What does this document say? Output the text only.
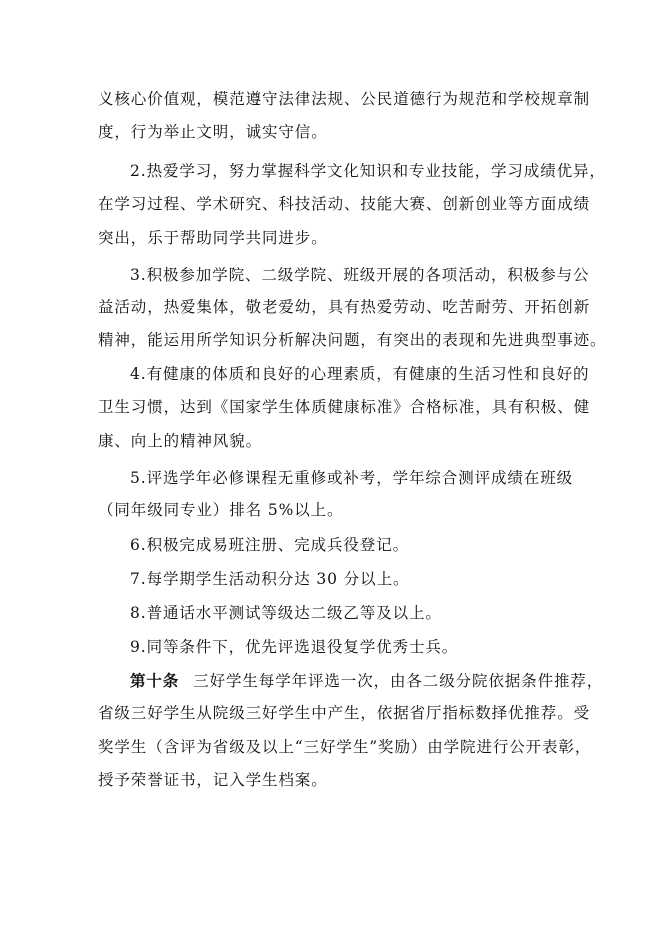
义核心价值观，模范遵守法律法规、公民道德行为规范和学校规章制
度，行为举止文明，诚实守信。
2.热爱学习，努力掌握科学文化知识和专业技能，学习成绩优异，
在学习过程、学术研究、科技活动、技能大赛、创新创业等方面成绩
突出，乐于帮助同学共同进步。
3.积极参加学院、二级学院、班级开展的各项活动，积极参与公
益活动，热爱集体，敬老爱幼，具有热爱劳动、吃苦耐劳、开拓创新
精神，能运用所学知识分析解决问题，有突出的表现和先进典型事迹。
4.有健康的体质和良好的心理素质，有健康的生活习性和良好的
卫生习惯，达到《国家学生体质健康标准》合格标准，具有积极、健
康、向上的精神风貌。
5.评选学年必修课程无重修或补考，学年综合测评成绩在班级
（同年级同专业）排名 5%以上。
6.积极完成易班注册、完成兵役登记。
7.每学期学生活动积分达 30 分以上。
8.普通话水平测试等级达二级乙等及以上。
9.同等条件下，优先评选退役复学优秀士兵。
第十条 三好学生每学年评选一次，由各二级分院依据条件推荐，
省级三好学生从院级三好学生中产生，依据省厅指标数择优推荐。受
奖学生（含评为省级及以上“三好学生”奖励）由学院进行公开表彰，
授予荣誉证书，记入学生档案。
